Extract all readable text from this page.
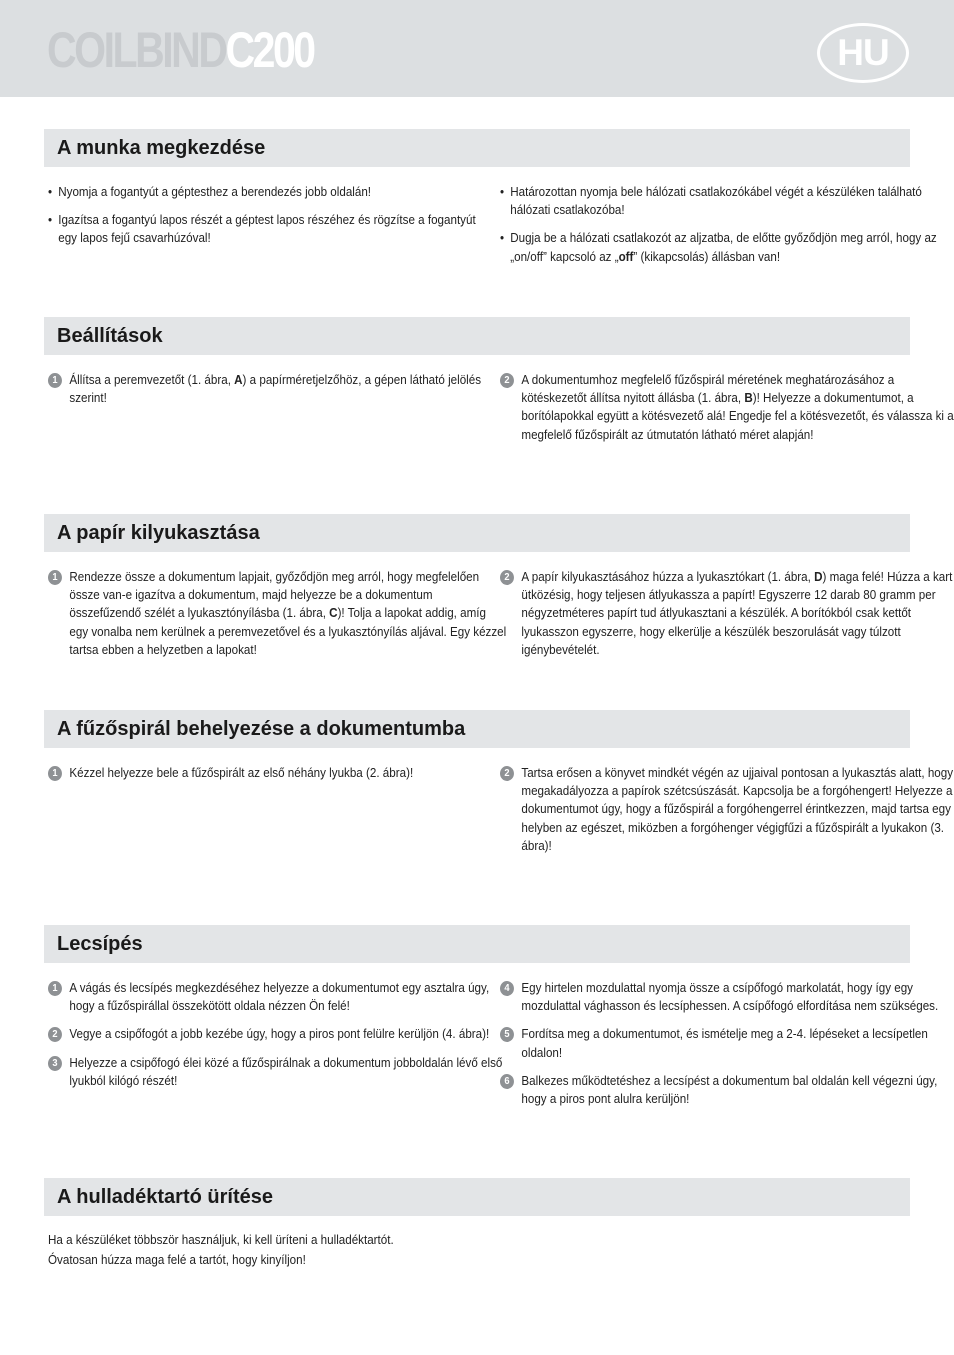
COILBINDC200	HU
A munka megkezdése
• Nyomja a fogantyút a géptesthez a berendezés jobb oldalán!
• Igazítsa a fogantyú lapos részét a géptest lapos részéhez és rögzítse a fogantyút egy lapos fejű csavarhúzóval!
• Határozottan nyomja bele hálózati csatlakozókábel végét a készüléken található hálózati csatlakozóba!
• Dugja be a hálózati csatlakozót az aljzatba, de előtte győződjön meg arról, hogy az „on/off” kapcsoló az „off” (kikapcsolás) állásban van!
Beállítások
1 Állítsa a peremvezetőt (1. ábra, A) a papírméretjelzőhöz, a gépen látható jelölés szerint!
2 A dokumentumhoz megfelelő fűzőspirál méretének meghatározásához a kötéskezetőt állítsa nyitott állásba (1. ábra, B)! Helyezze a dokumentumot, a borítólapokkal együtt a kötésvezető alá! Engedje fel a kötésvezetőt, és válassza ki a megfelelő fűzőspirált az útmutatón látható méret alapján!
A papír kilyukasztása
1 Rendezze össze a dokumentum lapjait, győződjön meg arról, hogy megfelelően össze van-e igazítva a dokumentum, majd helyezze be a dokumentum összefűzendő szélét a lyukasztónyílásba (1. ábra, C)! Tolja a lapokat addig, amíg egy vonalba nem kerülnek a peremvezetővel és a lyukasztónyílás aljával. Egy kézzel tartsa ebben a helyzetben a lapokat!
2 A papír kilyukasztásához húzza a lyukasztókart (1. ábra, D) maga felé! Húzza a kart ütközésig, hogy teljesen átlyukassza a papírt! Egyszerre 12 darab 80 gramm per négyzetméteres papírt tud átlyukasztani a készülék. A borítókból csak kettőt lyukasszon egyszerre, hogy elkerülje a készülék beszorulását vagy túlzott igénybevételét.
A fűzőspirál behelyezése a dokumentumba
1 Kézzel helyezze bele a fűzőspirált az első néhány lyukba (2. ábra)!	2 Tartsa erősen a könyvet mindkét végén az ujjaival pontosan a lyukasztás alatt, hogy megakadályozza a papírok szétcsúszását. Kapcsolja be a forgóhengert! Helyezze a dokumentumot úgy, hogy a fűzőspirál a forgóhengerrel érintkezzen, majd tartsa egy helyben az egészet, miközben a forgóhenger végigfűzi a fűzőspirált a lyukakon (3. ábra)!
Lecsípés
1 A vágás és lecsípés megkezdéséhez helyezze a dokumentumot egy asztalra úgy, hogy a fűzőspirállal összekötött oldala nézzen Ön felé!
2 Vegye a csipőfogót a jobb kezébe úgy, hogy a piros pont felülre kerüljön (4. ábra)!
3 Helyezze a csipőfogó élei közé a fűzőspirálnak a dokumentum jobboldalán lévő első lyukból kilógó részét!
4 Egy hirtelen mozdulattal nyomja össze a csípőfogó markolatát, hogy így egy mozdulattal vághasson és lecsíphessen. A csípőfogó elfordítása nem szükséges.
5 Fordítsa meg a dokumentumot, és ismételje meg a 2-4. lépéseket a lecsípetlen oldalon!
6 Balkezes működtetéshez a lecsípést a dokumentum bal oldalán kell végezni úgy, hogy a piros pont alulra kerüljön!
A hulladéktartó ürítése
Ha a készüléket többször használjuk, ki kell üríteni a hulladéktartót.
Óvatosan húzza maga felé a tartót, hogy kinyíljon!
